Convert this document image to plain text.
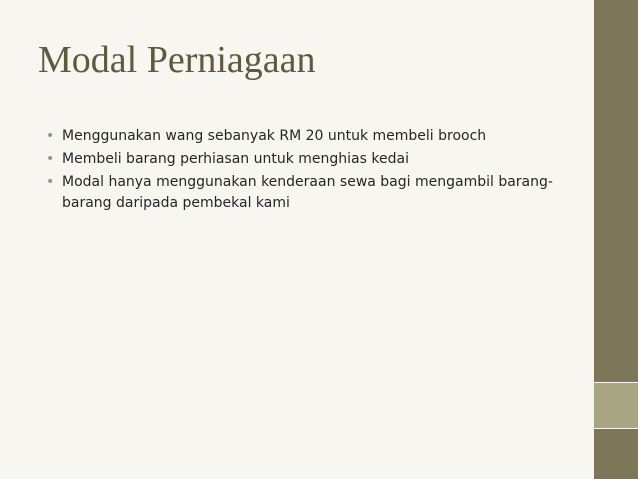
Modal Perniagaan
• Menggunakan wang sebanyak RM 20 untuk membeli brooch
• Membeli barang perhiasan untuk menghias kedai
• Modal hanya menggunakan kenderaan sewa bagi mengambil barang-barang daripada pembekal kami
